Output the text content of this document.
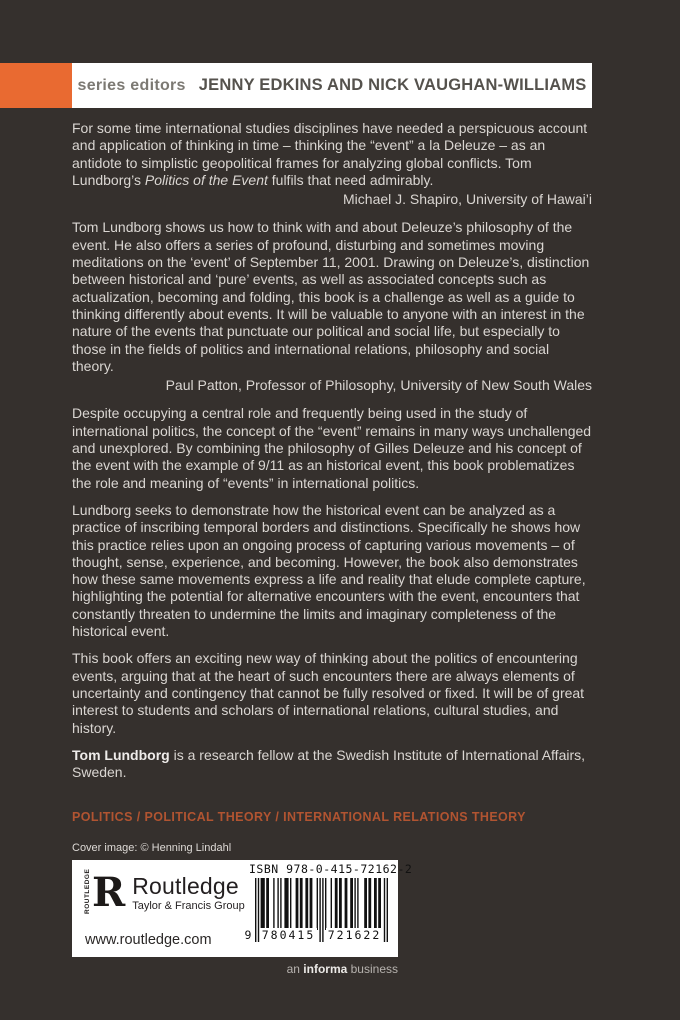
series editors JENNY EDKINS AND NICK VAUGHAN-WILLIAMS

For some time international studies disciplines have needed a perspicuous account and application of thinking in time – thinking the “event” a la Deleuze – as an antidote to simplistic geopolitical frames for analyzing global conflicts. Tom Lundborg’s Politics of the Event fulfils that need admirably.

Michael J. Shapiro, University of Hawai’i

Tom Lundborg shows us how to think with and about Deleuze’s philosophy of the event. He also offers a series of profound, disturbing and sometimes moving meditations on the ‘event’ of September 11, 2001. Drawing on Deleuze’s, distinction between historical and ‘pure’ events, as well as associated concepts such as actualization, becoming and folding, this book is a challenge as well as a guide to thinking differently about events. It will be valuable to anyone with an interest in the nature of the events that punctuate our political and social life, but especially to those in the fields of politics and international relations, philosophy and social theory.

Paul Patton, Professor of Philosophy, University of New South Wales

Despite occupying a central role and frequently being used in the study of international politics, the concept of the “event” remains in many ways unchallenged and unexplored. By combining the philosophy of Gilles Deleuze and his concept of the event with the example of 9/11 as an historical event, this book problematizes the role and meaning of “events” in international politics.

Lundborg seeks to demonstrate how the historical event can be analyzed as a practice of inscribing temporal borders and distinctions. Specifically he shows how this practice relies upon an ongoing process of capturing various movements – of thought, sense, experience, and becoming. However, the book also demonstrates how these same movements express a life and reality that elude complete capture, highlighting the potential for alternative encounters with the event, encounters that constantly threaten to undermine the limits and imaginary completeness of the historical event.

This book offers an exciting new way of thinking about the politics of encountering events, arguing that at the heart of such encounters there are always elements of uncertainty and contingency that cannot be fully resolved or fixed. It will be of great interest to students and scholars of international relations, cultural studies, and history.

Tom Lundborg is a research fellow at the Swedish Institute of International Affairs, Sweden.

POLITICS / POLITICAL THEORY / INTERNATIONAL RELATIONS THEORY
Cover image: © Henning Lindahl
ROUTLEDGE R Routledge
Taylor & Francis Group
www.routledge.com
ISBN 978-0-415-72162-2
9 780415 721622
an informa business
